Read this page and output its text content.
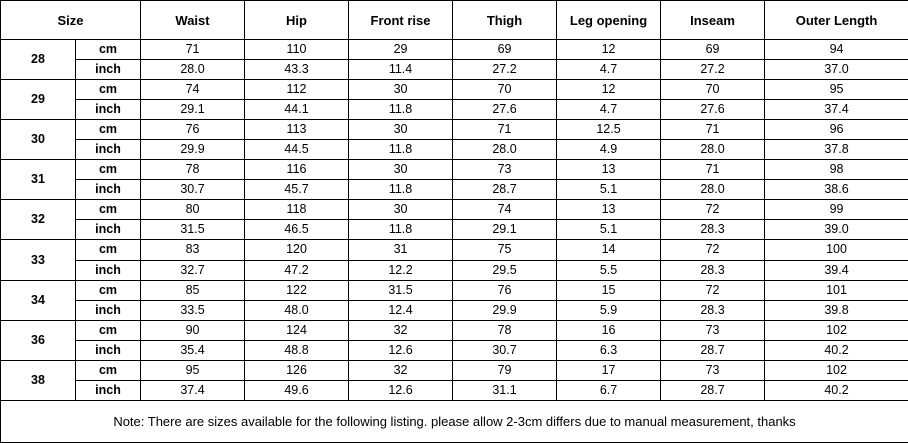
Size		Waist	Hip	Front rise	Thigh	Leg opening	Inseam	Outer Length
28	cm	71	110	29	69	12	69	94
	inch	28.0	43.3	11.4	27.2	4.7	27.2	37.0
29	cm	74	112	30	70	12	70	95
	inch	29.1	44.1	11.8	27.6	4.7	27.6	37.4
30	cm	76	113	30	71	12.5	71	96
	inch	29.9	44.5	11.8	28.0	4.9	28.0	37.8
31	cm	78	116	30	73	13	71	98
	inch	30.7	45.7	11.8	28.7	5.1	28.0	38.6
32	cm	80	118	30	74	13	72	99
	inch	31.5	46.5	11.8	29.1	5.1	28.3	39.0
33	cm	83	120	31	75	14	72	100
	inch	32.7	47.2	12.2	29.5	5.5	28.3	39.4
34	cm	85	122	31.5	76	15	72	101
	inch	33.5	48.0	12.4	29.9	5.9	28.3	39.8
36	cm	90	124	32	78	16	73	102
	inch	35.4	48.8	12.6	30.7	6.3	28.7	40.2
38	cm	95	126	32	79	17	73	102
	inch	37.4	49.6	12.6	31.1	6.7	28.7	40.2
Note: There are sizes available for the following listing. please allow 2-3cm differs due to manual measurement, thanks								
